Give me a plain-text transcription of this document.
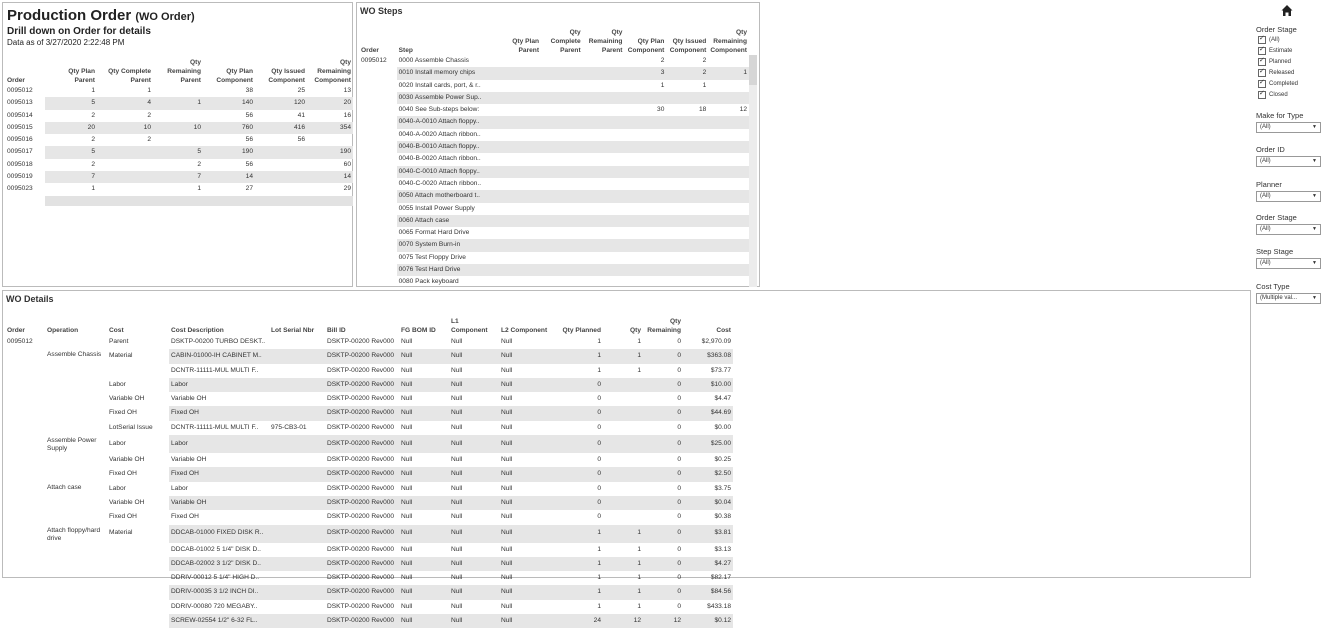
Production Order (WO Order)
Drill down on Order for details
Data as of 3/27/2020 2:22:48 PM
Order	Qty Plan Parent	Qty Complete Parent	Qty Remaining Parent	Qty Plan Component	Qty Issued Component	Qty Remaining Component
0095012	1	1		38	25	13
0095013	5	4	1	140	120	20
0095014	2	2		56	41	16
0095015	20	10	10	760	416	354
0095016	2	2		56	56	
0095017	5		5	190		190
0095018	2		2	56		60
0095019	7		7	14		14
0095023	1		1	27		29
WO Steps
Order	Step	Qty Plan Parent	Qty Complete Parent	Qty Remaining Parent	Qty Plan Component	Qty Issued Component	Qty Remaining Component
0095012	0000 Assemble Chassis				2	2	
	0010 Install memory chips				3	2	1
	0020 Install cards, port, & r..				1	1	
	0030 Assemble Power Sup..						
	0040 See Sub-steps below:				30	18	12
	0040-A-0010 Attach floppy..						
	0040-A-0020 Attach ribbon..						
	0040-B-0010 Attach floppy..						
	0040-B-0020 Attach ribbon..						
	0040-C-0010 Attach floppy..						
	0040-C-0020 Attach ribbon..						
	0050 Attach motherboard t..						
	0055 Install Power Supply						
	0060 Attach case						
	0065 Format Hard Drive						
	0070 System Burn-in						
	0075 Test Floppy Drive						
	0076 Test Hard Drive						
	0080 Pack keyboard						
WO Details
Order	Operation	Cost	Cost Description	Lot Serial Nbr	Bill ID	FG BOM ID	L1 Component	L2 Component	Qty Planned	Qty	Qty Remaining	Cost
0095012		Parent	DSKTP-00200 TURBO DESKT..		DSKTP-00200 Rev000	Null	Null	Null	1	1	0	$2,970.09
	Assemble Chassis	Material	CABIN-01000-IH CABINET M..		DSKTP-00200 Rev000	Null	Null	Null	1	1	0	$363.08
			DCNTR-11111-MUL MULTI F..		DSKTP-00200 Rev000	Null	Null	Null	1	1	0	$73.77
		Labor	Labor		DSKTP-00200 Rev000	Null	Null	Null	0		0	$10.00
		Variable OH	Variable OH		DSKTP-00200 Rev000	Null	Null	Null	0		0	$4.47
		Fixed OH	Fixed OH		DSKTP-00200 Rev000	Null	Null	Null	0		0	$44.69
		LotSerial Issue	DCNTR-11111-MUL MULTI F..	975-CB3-01	DSKTP-00200 Rev000	Null	Null	Null	0		0	$0.00
	Assemble Power Supply	Labor	Labor		DSKTP-00200 Rev000	Null	Null	Null	0		0	$25.00
		Variable OH	Variable OH		DSKTP-00200 Rev000	Null	Null	Null	0		0	$0.25
		Fixed OH	Fixed OH		DSKTP-00200 Rev000	Null	Null	Null	0		0	$2.50
	Attach case	Labor	Labor		DSKTP-00200 Rev000	Null	Null	Null	0		0	$3.75
		Variable OH	Variable OH		DSKTP-00200 Rev000	Null	Null	Null	0		0	$0.04
		Fixed OH	Fixed OH		DSKTP-00200 Rev000	Null	Null	Null	0		0	$0.38
	Attach floppy/hard drive	Material	DDCAB-01000 FIXED DISK R..		DSKTP-00200 Rev000	Null	Null	Null	1	1	0	$3.81
			DDCAB-01002 5 1/4" DISK D..		DSKTP-00200 Rev000	Null	Null	Null	1	1	0	$3.13
			DDCAB-02002 3 1/2" DISK D..		DSKTP-00200 Rev000	Null	Null	Null	1	1	0	$4.27
			DDRIV-00012 5 1/4" HIGH D..		DSKTP-00200 Rev000	Null	Null	Null	1	1	0	$82.17
			DDRIV-00035 3 1/2 INCH DI..		DSKTP-00200 Rev000	Null	Null	Null	1	1	0	$84.56
			DDRIV-00080 720 MEGABY..		DSKTP-00200 Rev000	Null	Null	Null	1	1	0	$433.18
			SCREW-02554 1/2" 6-32 FL..		DSKTP-00200 Rev000	Null	Null	Null	24	12	12	$0.12
Order Stage
✓
(All)
✓
Estimate
✓
Planned
✓
Released
✓
Completed
✓
Closed
Make for Type
(All)	▼
Order ID
(All)	▼
Planner
(All)	▼
Order Stage
(All)	▼
Step Stage
(All)	▼
Cost Type
(Multiple val...	▼
